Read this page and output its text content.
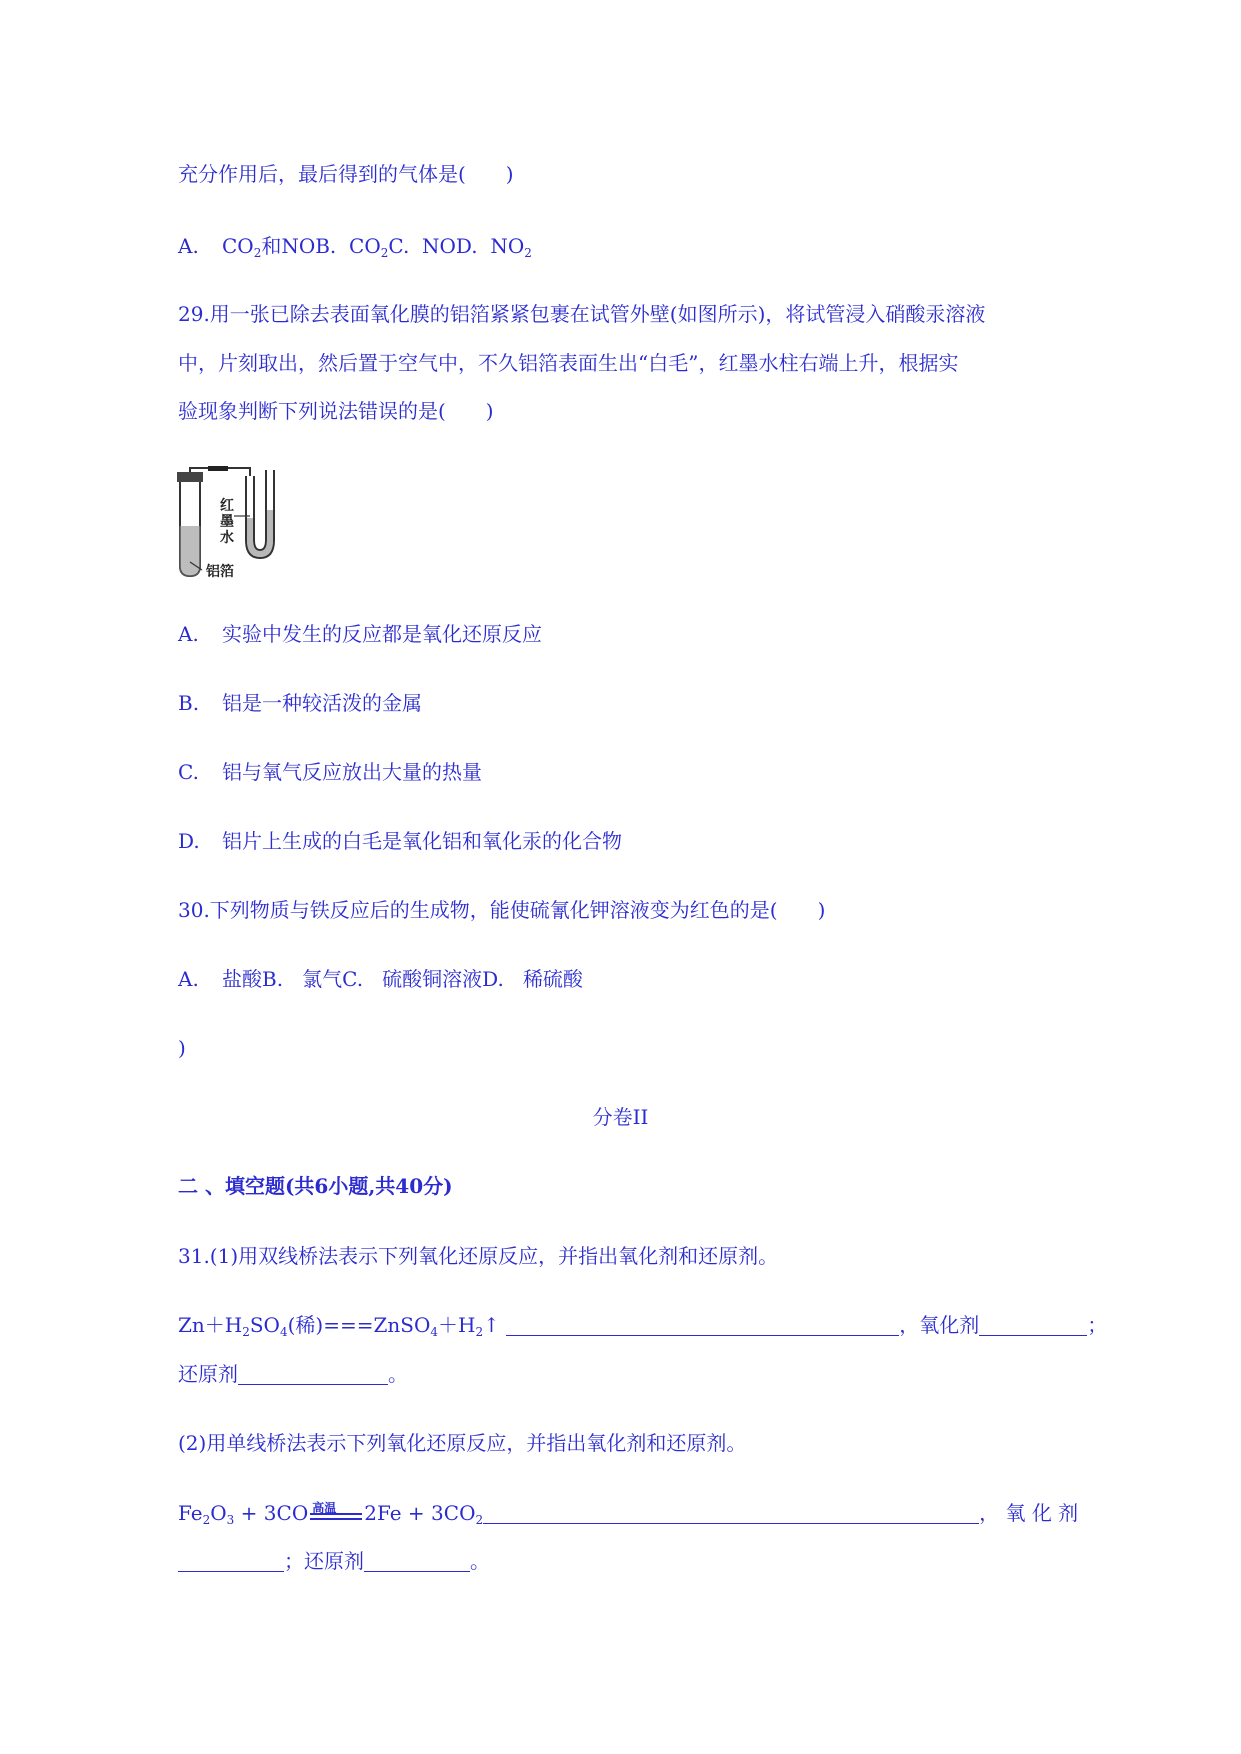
充分作用后，最后得到的气体是(　　)
A. $CO_2$和NOB. $CO_2C$. NOD. $NO_2$
29.用一张已除去表面氧化膜的铝箔紧紧包裹在试管外壁(如图所示)，将试管浸入硝酸汞溶液
中，片刻取出，然后置于空气中，不久铝箔表面生出“白毛”，红墨水柱右端上升，根据实
验现象判断下列说法错误的是(　　)
红
墨
水
铝箔
A. 实验中发生的反应都是氧化还原反应
B. 铝是一种较活泼的金属
C. 铝与氧气反应放出大量的热量
D. 铝片上生成的白毛是氧化铝和氧化汞的化合物
30.下列物质与铁反应后的生成物，能使硫氰化钾溶液变为红色的是(　　)
A. 盐酸B. 氯气C. 硫酸铜溶液D. 稀硫酸
)
分卷II
二 、填空题(共6小题,共40分)
31.(1)用双线桥法表示下列氧化还原反应，并指出氧化剂和还原剂。
$Zn+H_2SO_4$(稀)$===ZnSO_4+H_2↑$	，氧化剂	；
还原剂	。
(2)用单线桥法表示下列氧化还原反应，并指出氧化剂和还原剂。
$Fe_2O_3 + 3CO$ 高温 $2Fe + 3CO_2$	， 氧 化 剂
；还原剂	。
